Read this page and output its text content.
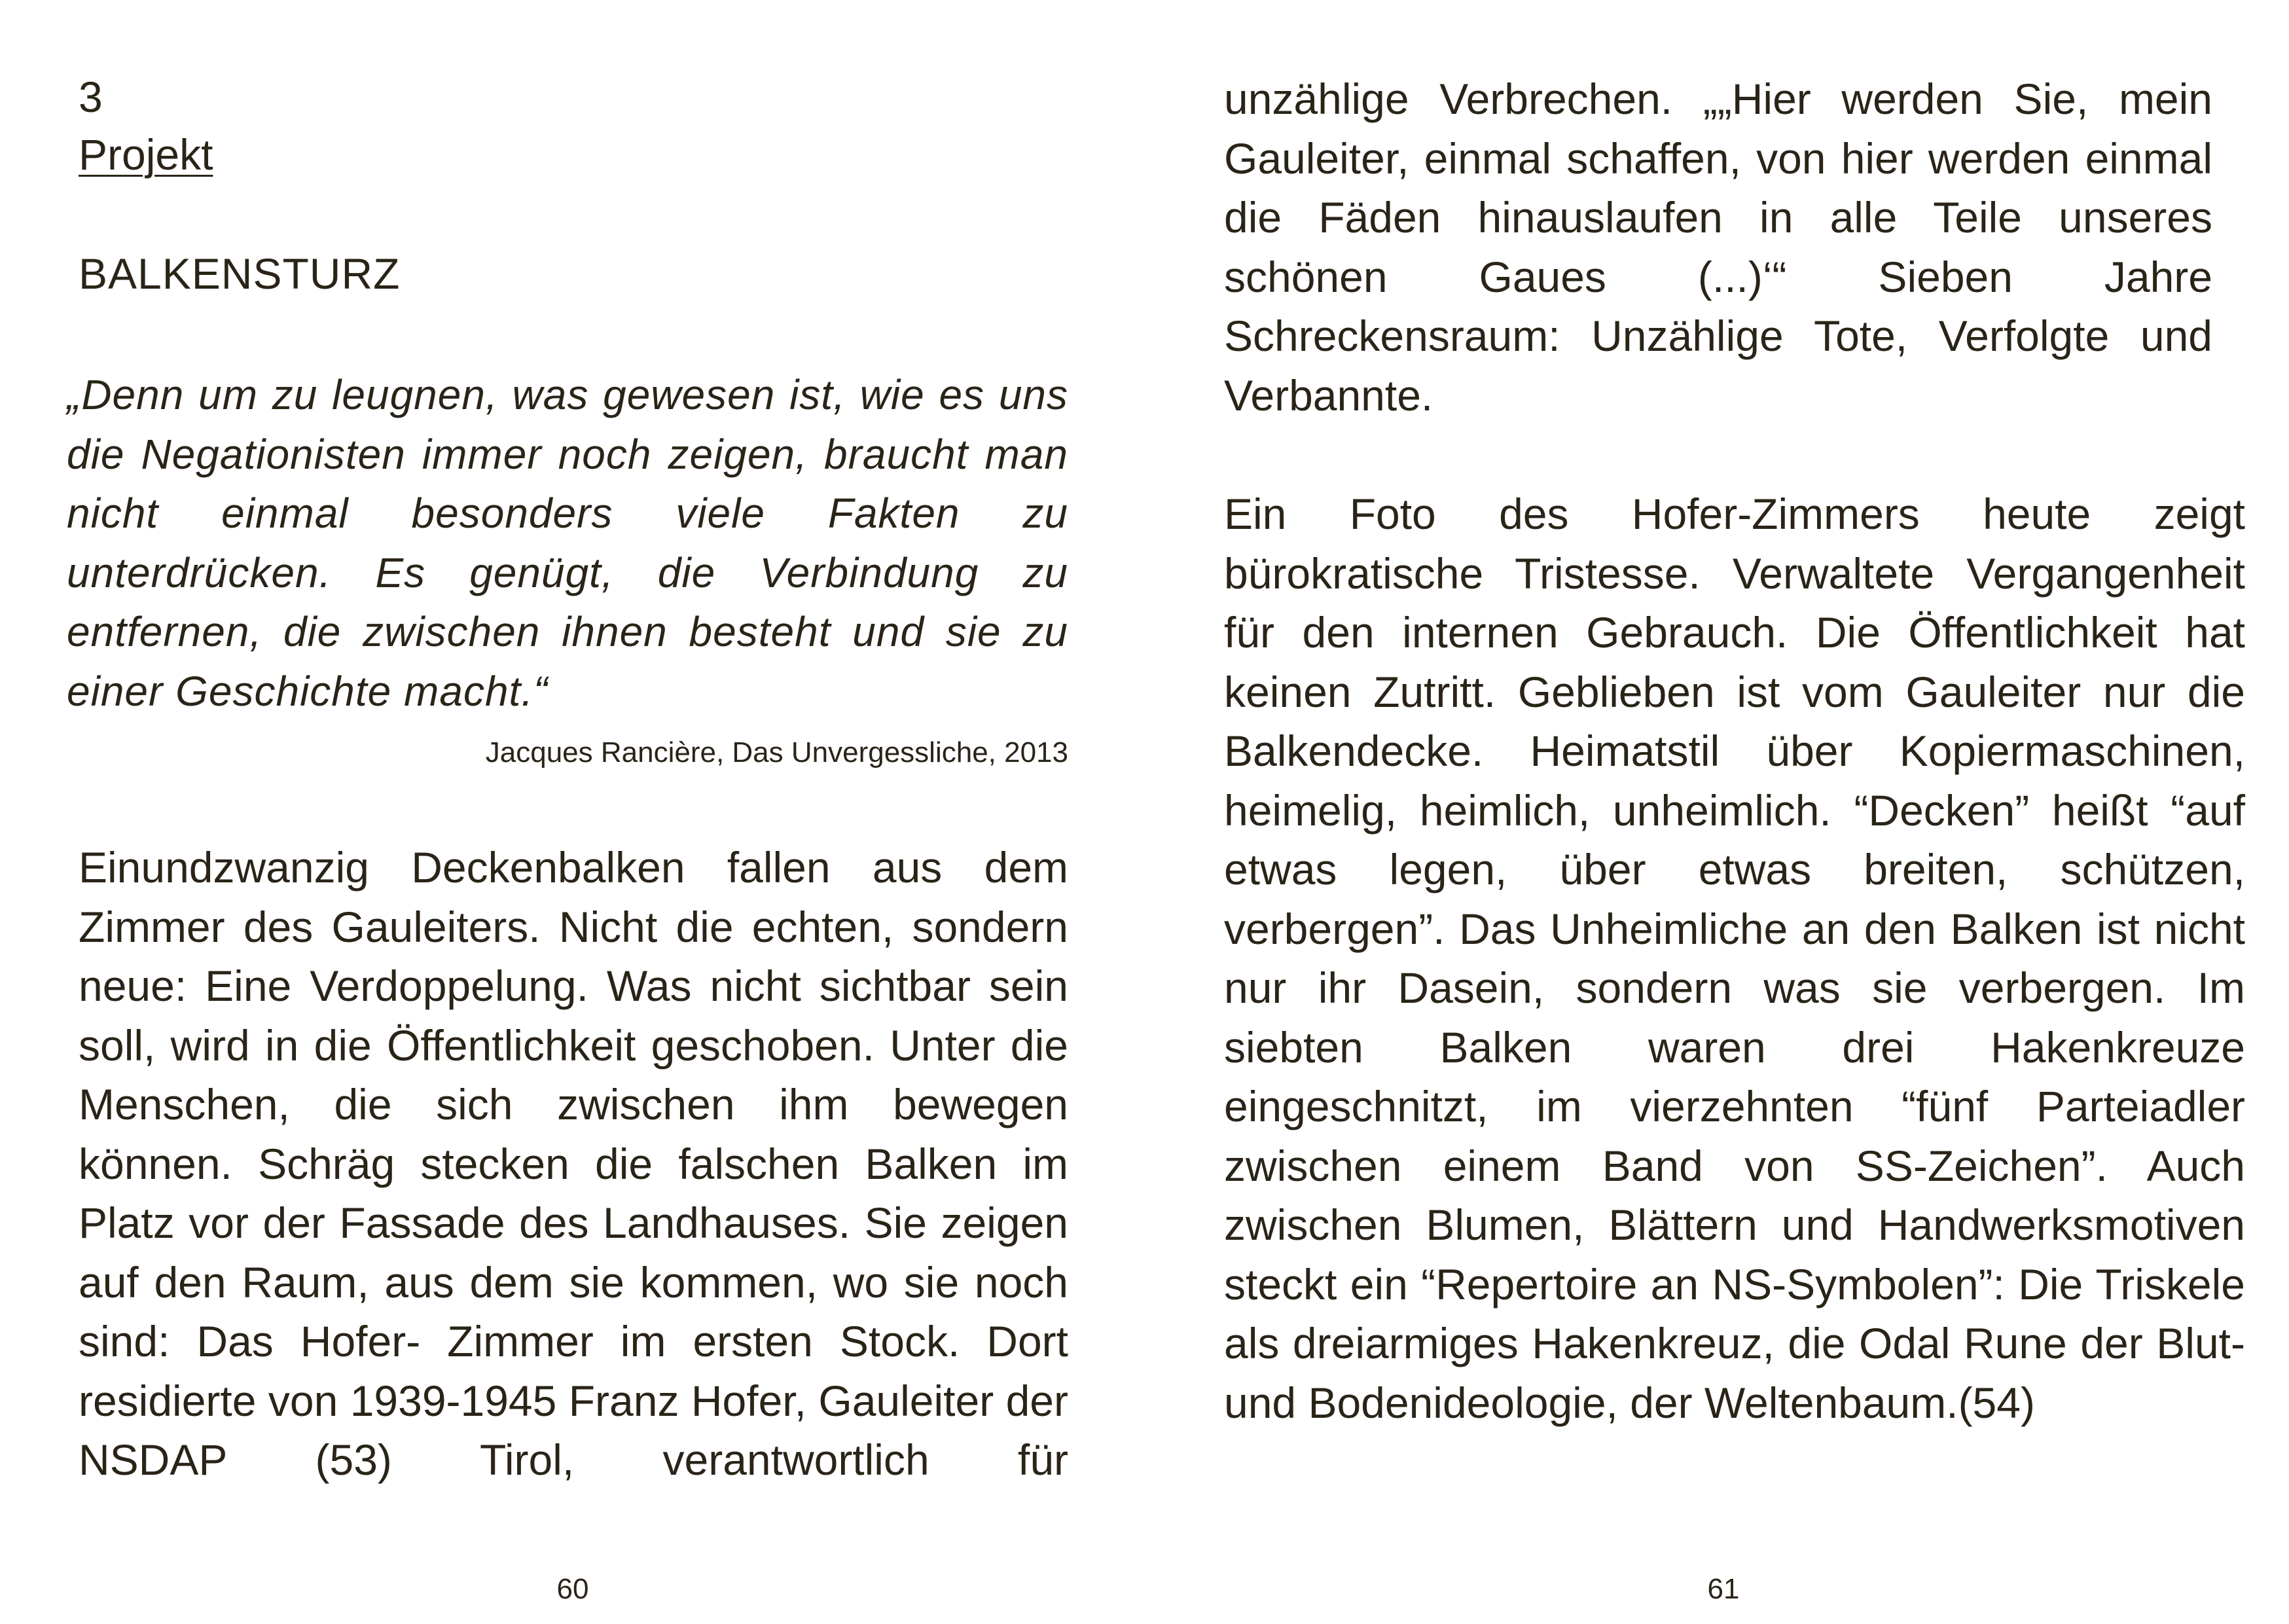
3
Projekt
BALKENSTURZ

„Denn um zu leugnen, was gewesen ist, wie es uns die Negationisten immer noch zeigen, braucht man nicht einmal besonders viele Fakten zu unterdrücken. Es genügt, die Verbindung zu entfernen, die zwischen ihnen besteht und sie zu einer Geschichte macht.“

Jacques Rancière, Das Unvergessliche, 2013

Einundzwanzig Deckenbalken fallen aus dem Zimmer des Gauleiters. Nicht die echten, sondern neue: Eine Verdoppelung. Was nicht sichtbar sein soll, wird in die Öffentlichkeit geschoben. Unter die Menschen, die sich zwischen ihm bewegen können. Schräg stecken die falschen Balken im Platz vor der Fassade des Landhauses. Sie zeigen auf den Raum, aus dem sie kommen, wo sie noch sind: Das Hofer- Zimmer im ersten Stock. Dort residierte von 1939-1945 Franz Hofer, Gauleiter der NSDAP (53) Tirol, verantwortlich für

60

unzählige Verbrechen. „„Hier werden Sie, mein Gauleiter, einmal schaffen, von hier werden einmal die Fäden hinauslaufen in alle Teile unseres schönen Gaues (...)‘“ Sieben Jahre Schreckensraum: Unzählige Tote, Verfolgte und Verbannte.

Ein Foto des Hofer-Zimmers heute zeigt bürokratische Tristesse. Verwaltete Vergangenheit für den internen Gebrauch. Die Öffentlichkeit hat keinen Zutritt. Geblieben ist vom Gauleiter nur die Balkendecke. Heimatstil über Kopiermaschinen, heimelig, heimlich, unheimlich. “Decken” heißt “auf etwas legen, über etwas breiten, schützen, verbergen”. Das Unheimliche an den Balken ist nicht nur ihr Dasein, sondern was sie verbergen. Im siebten Balken waren drei Hakenkreuze eingeschnitzt, im vierzehnten “fünf Parteiadler zwischen einem Band von SS-Zeichen”. Auch zwischen Blumen, Blättern und Handwerksmotiven steckt ein “Repertoire an NS-Symbolen”: Die Triskele als dreiarmiges Hakenkreuz, die Odal Rune der Blut- und Bodenideologie, der Weltenbaum.(54)

61
